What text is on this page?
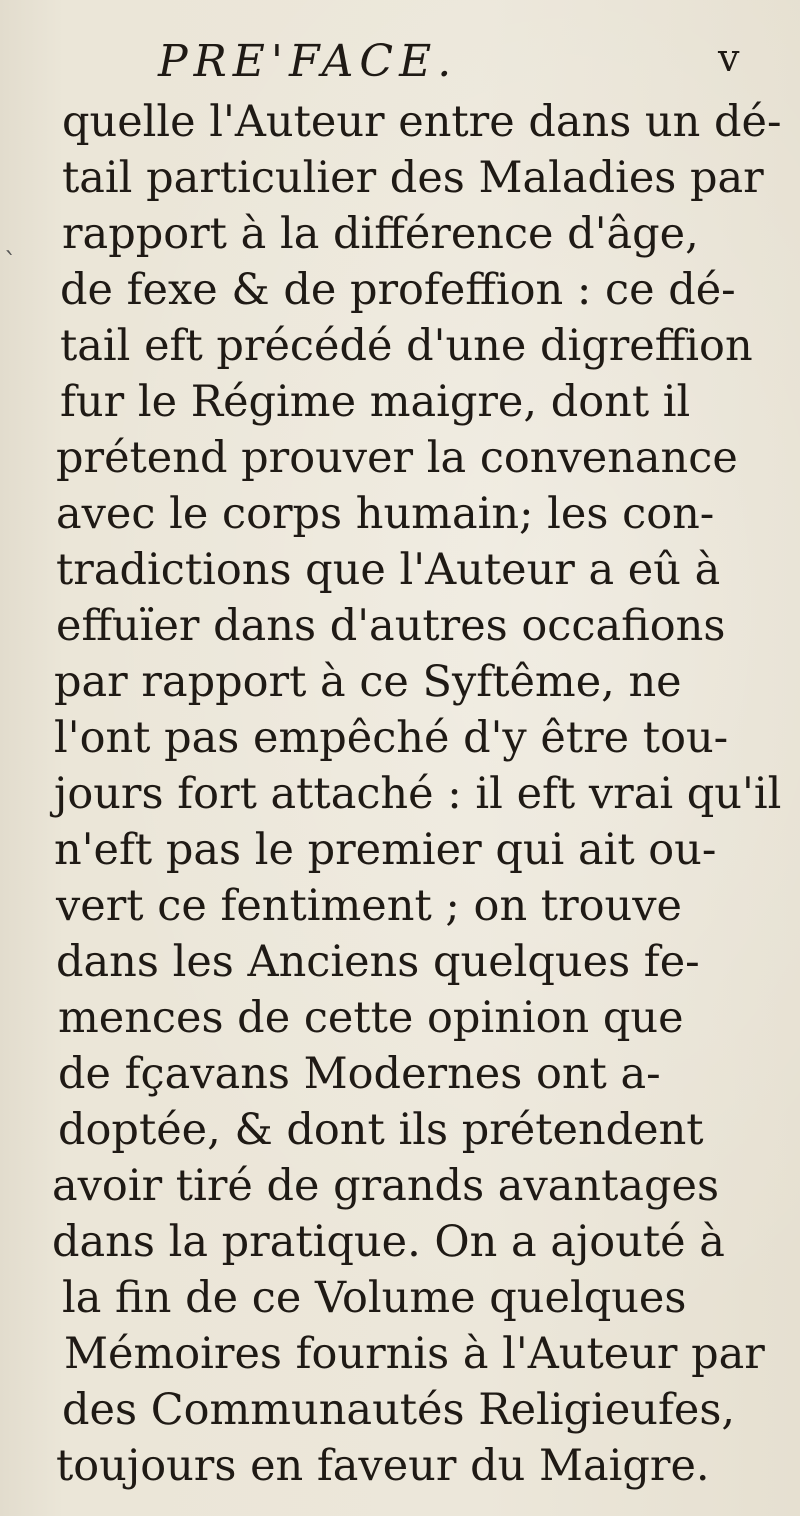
PRE'FACE.	v
`
quelle l'Auteur entre dans un dé-
tail particulier des Maladies par
rapport à la différence d'âge,
de fexe & de profeffion : ce dé-
tail eft précédé d'une digreffion
fur le Régime maigre, dont il
prétend prouver la convenance
avec le corps humain; les con-
tradictions que l'Auteur a eû à
effuïer dans d'autres occafions
par rapport à ce Syftême, ne
l'ont pas empêché d'y être tou-
jours fort attaché : il eft vrai qu'il
n'eft pas le premier qui ait ou-
vert ce fentiment ; on trouve
dans les Anciens quelques fe-
mences de cette opinion que
de fçavans Modernes ont a-
doptée, & dont ils prétendent
avoir tiré de grands avantages
dans la pratique. On a ajouté à
la fin de ce Volume quelques
Mémoires fournis à l'Auteur par
des Communautés Religieufes,
toujours en faveur du Maigre.
